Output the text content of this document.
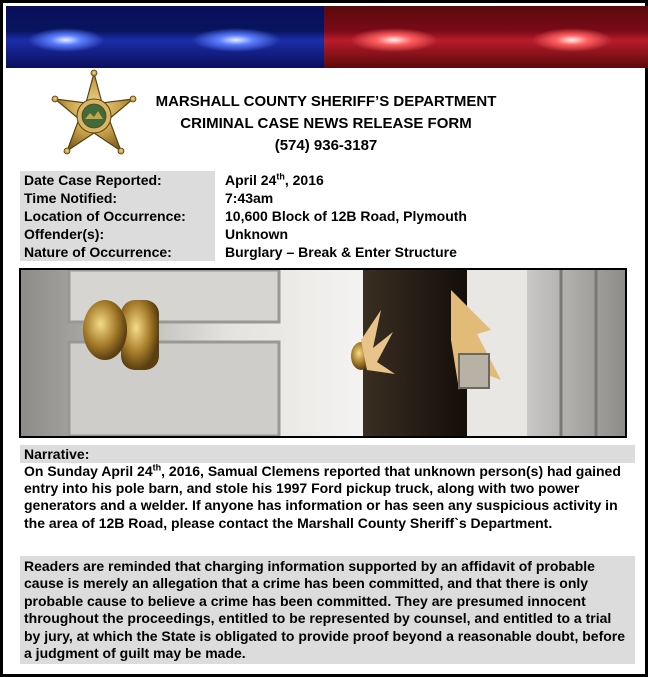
MARSHALL COUNTY SHERIFF’S DEPARTMENT
CRIMINAL CASE NEWS RELEASE FORM
(574) 936-3187
Date Case Reported:	April 24th, 2016
Time Notified:	7:43am
Location of Occurrence:	10,600 Block of 12B Road, Plymouth
Offender(s):	Unknown
Nature of Occurrence:	Burglary – Break & Enter Structure
Narrative:
On Sunday April 24th, 2016, Samual Clemens reported that unknown person(s) had gained entry into his pole barn, and stole his 1997 Ford pickup truck, along with two power generators and a welder. If anyone has information or has seen any suspicious activity in the area of 12B Road, please contact the Marshall County Sheriff`s Department.
Readers are reminded that charging information supported by an affidavit of probable cause is merely an allegation that a crime has been committed, and that there is only probable cause to believe a crime has been committed. They are presumed innocent throughout the proceedings, entitled to be represented by counsel, and entitled to a trial by jury, at which the State is obligated to provide proof beyond a reasonable doubt, before a judgment of guilt may be made.
